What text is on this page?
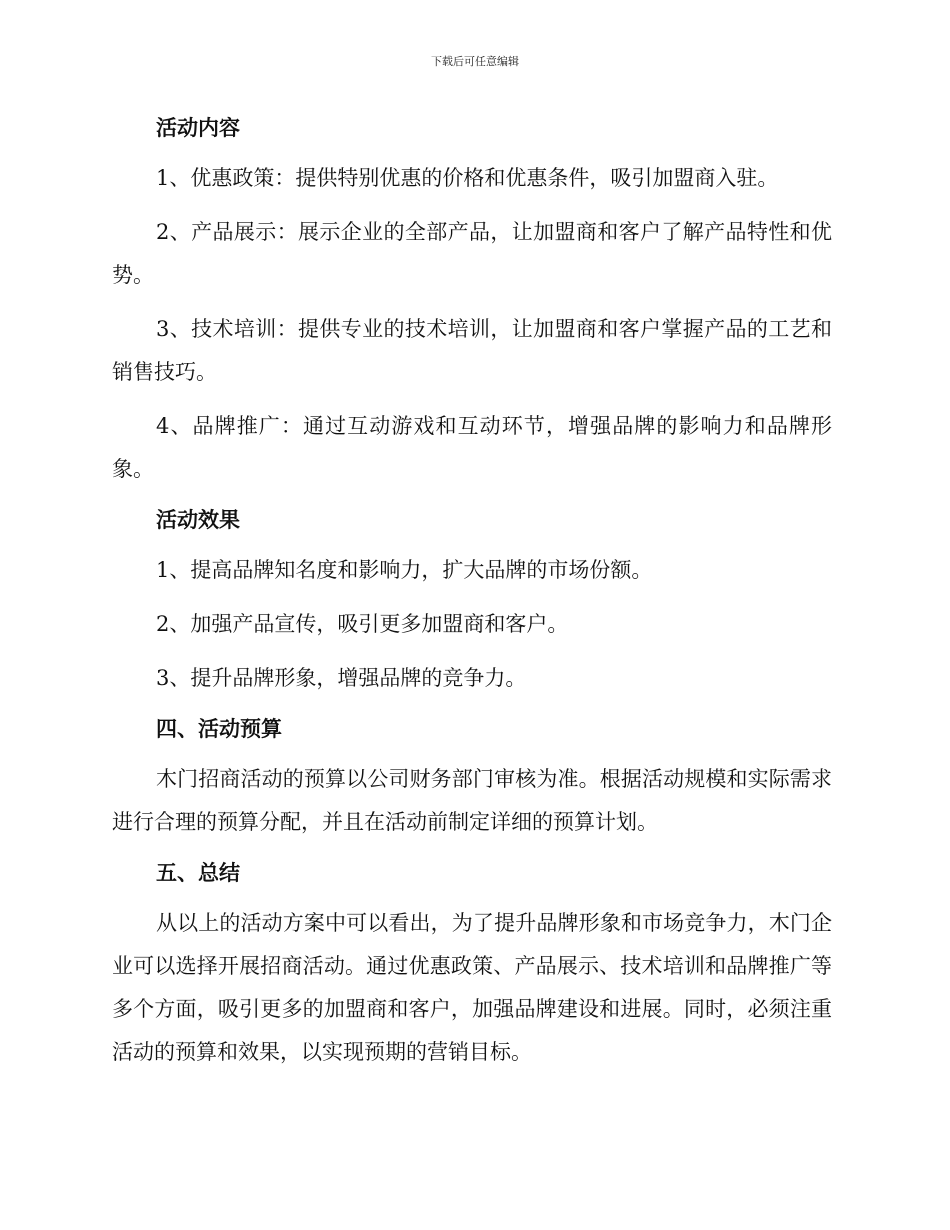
下载后可任意编辑
活动内容

1、优惠政策：提供特别优惠的价格和优惠条件，吸引加盟商入驻。

2、产品展示：展示企业的全部产品，让加盟商和客户了解产品特性和优势。

3、技术培训：提供专业的技术培训，让加盟商和客户掌握产品的工艺和销售技巧。

4、品牌推广：通过互动游戏和互动环节，增强品牌的影响力和品牌形象。

活动效果

1、提高品牌知名度和影响力，扩大品牌的市场份额。

2、加强产品宣传，吸引更多加盟商和客户。

3、提升品牌形象，增强品牌的竞争力。

四、活动预算

木门招商活动的预算以公司财务部门审核为准。根据活动规模和实际需求进行合理的预算分配，并且在活动前制定详细的预算计划。

五、总结

从以上的活动方案中可以看出，为了提升品牌形象和市场竞争力，木门企业可以选择开展招商活动。通过优惠政策、产品展示、技术培训和品牌推广等多个方面，吸引更多的加盟商和客户，加强品牌建设和进展。同时，必须注重活动的预算和效果，以实现预期的营销目标。
